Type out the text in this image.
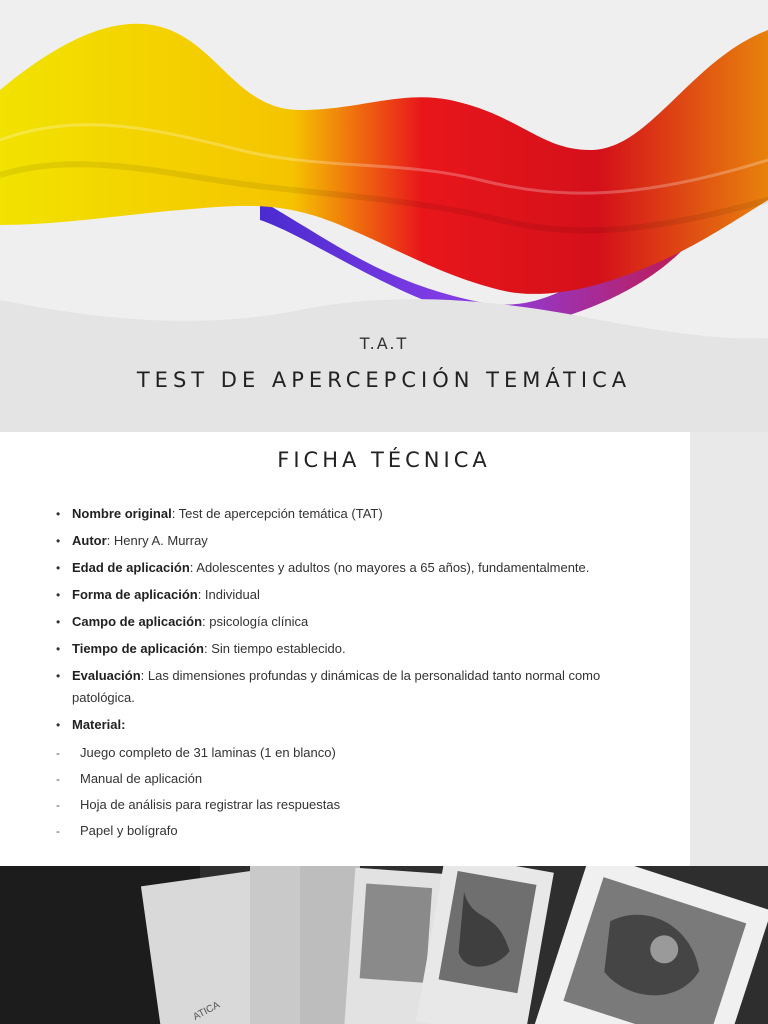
T.A.T
TEST DE APERCEPCIÓN TEMÁTICA
FICHA TÉCNICA
• Nombre original: Test de apercepción temática (TAT)
• Autor: Henry A. Murray
• Edad de aplicación: Adolescentes y adultos (no mayores a 65 años), fundamentalmente.
• Forma de aplicación: Individual
• Campo de aplicación: psicología clínica
• Tiempo de aplicación: Sin tiempo establecido.
• Evaluación: Las dimensiones profundas y dinámicas de la personalidad tanto normal como patológica.
• Material:
- Juego completo de 31 laminas (1 en blanco)
- Manual de aplicación
- Hoja de análisis para registrar las respuestas
- Papel y bolígrafo
ATICA
